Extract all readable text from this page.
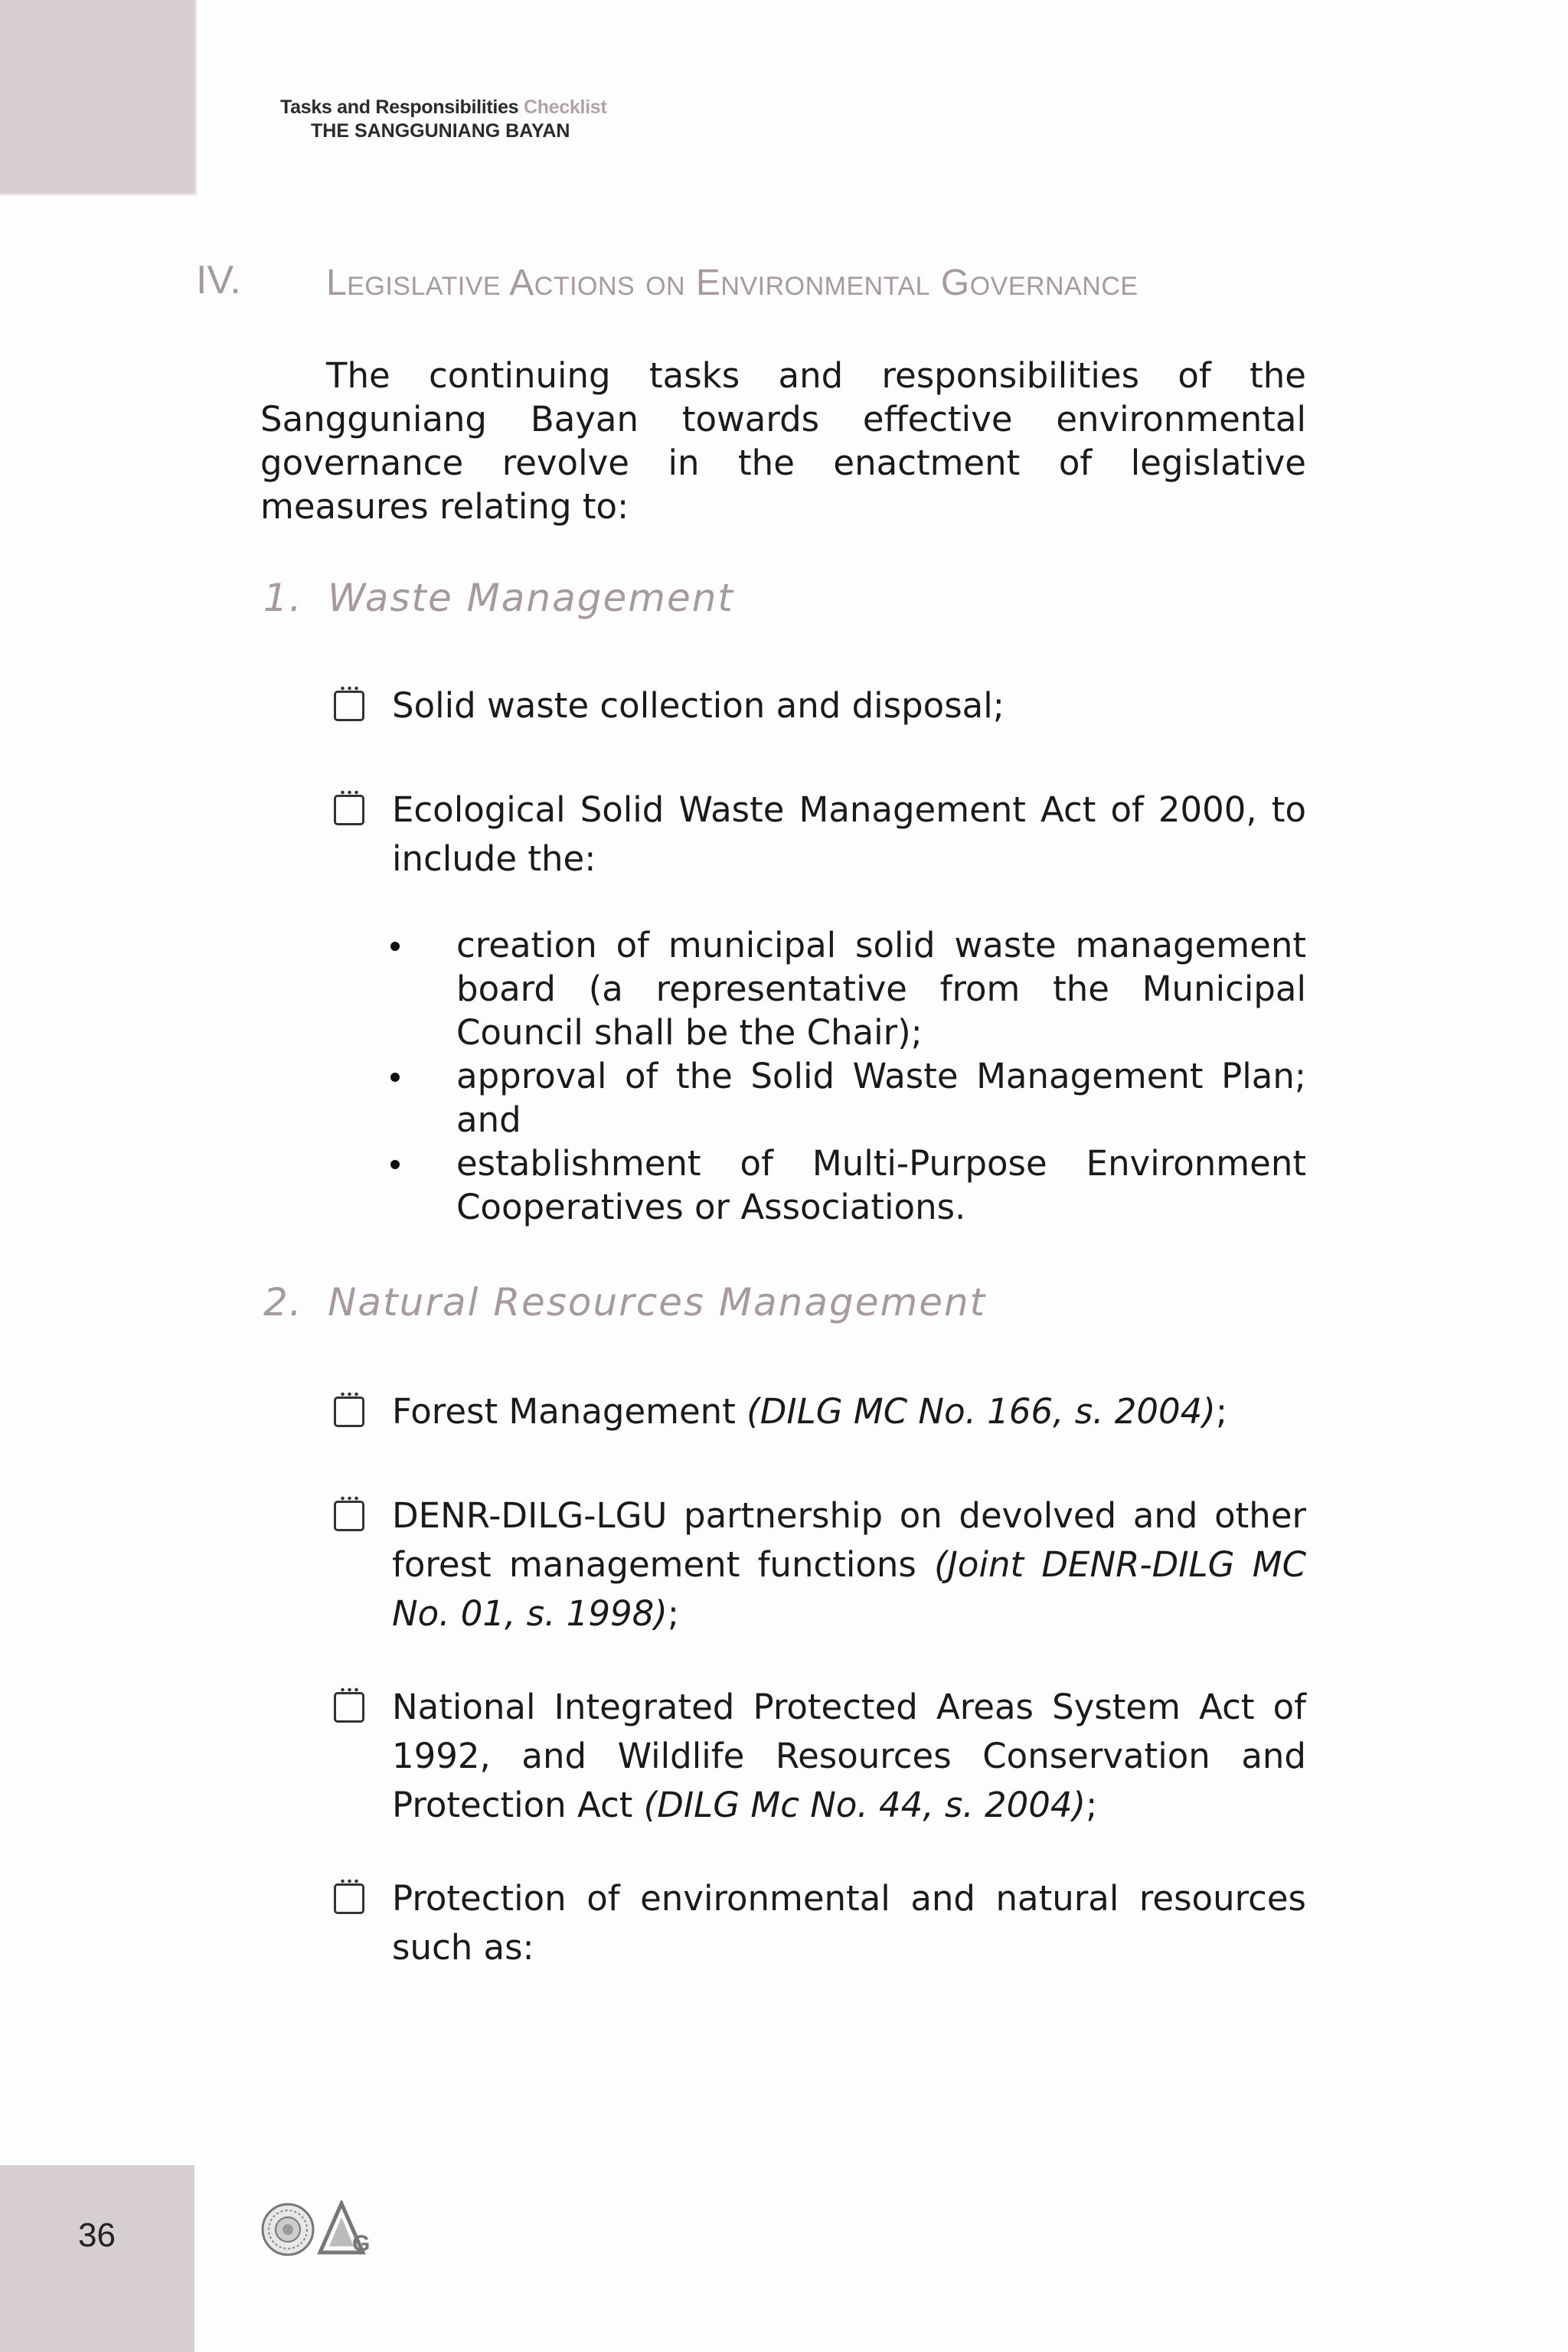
Tasks and Responsibilities Checklist
THE SANGGUNIANG BAYAN
IV. Legislative Actions on Environmental Governance
The continuing tasks and responsibilities of the Sangguniang Bayan towards effective environmental governance revolve in the enactment of legislative measures relating to:
1. Waste Management
Solid waste collection and disposal;
Ecological Solid Waste Management Act of 2000, to include the:
creation of municipal solid waste management board (a representative from the Municipal Council shall be the Chair);
approval of the Solid Waste Management Plan; and
establishment of Multi-Purpose Environment Cooperatives or Associations.
2. Natural Resources Management
Forest Management (DILG MC No. 166, s. 2004);
DENR-DILG-LGU partnership on devolved and other forest management functions (Joint DENR-DILG MC No. 01, s. 1998);
National Integrated Protected Areas System Act of 1992, and Wildlife Resources Conservation and Protection Act (DILG Mc No. 44, s. 2004);
Protection of environmental and natural resources such as:
36	G
